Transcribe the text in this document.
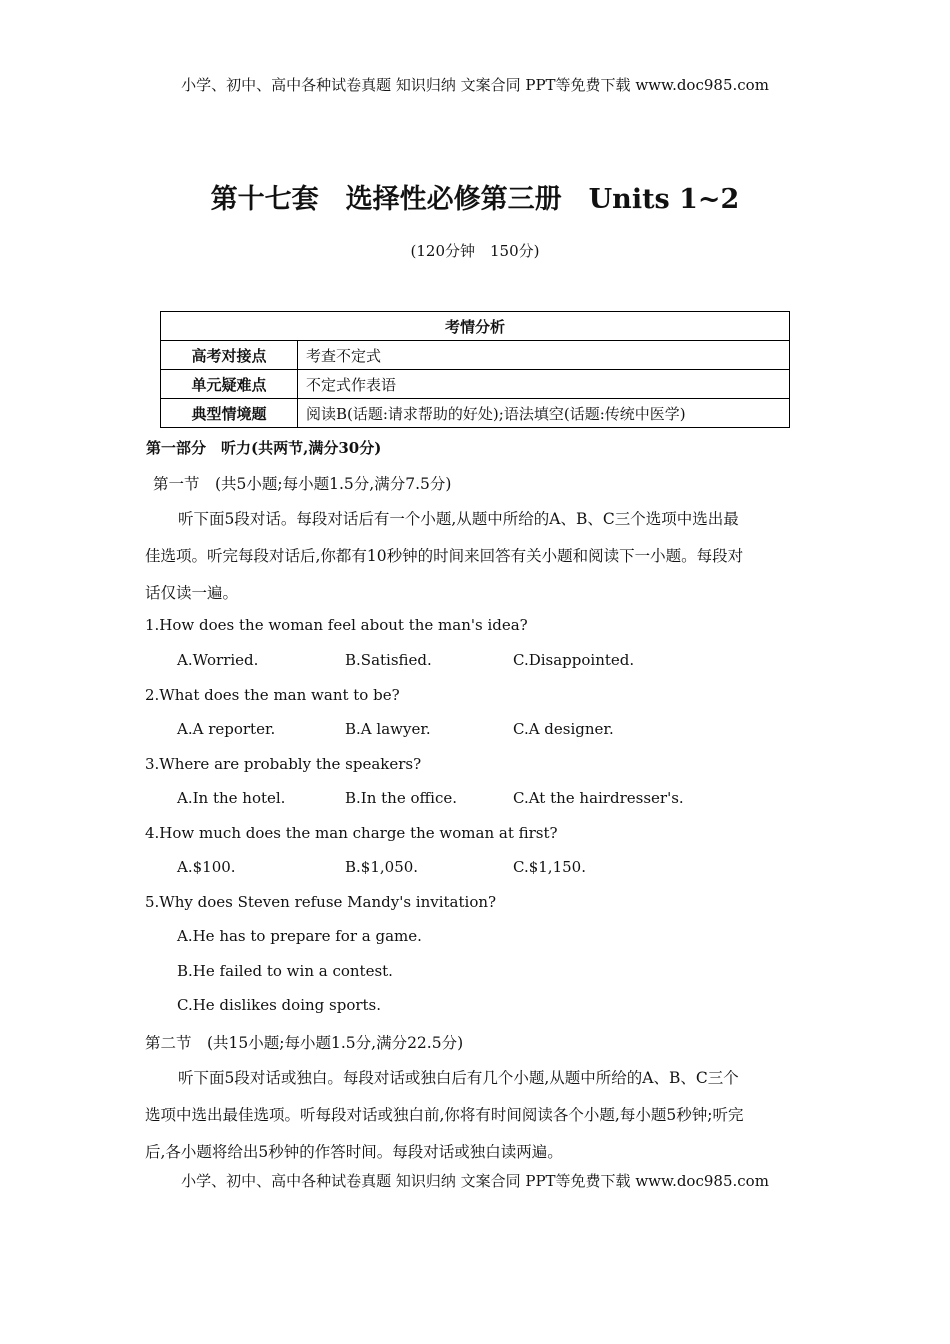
小学、初中、高中各种试卷真题 知识归纳 文案合同 PPT等免费下载 www.doc985.com
第十七套　选择性必修第三册　Units 1~2
(120分钟　150分)
考情分析	
高考对接点	考查不定式
单元疑难点	不定式作表语
典型情境题	阅读B(话题:请求帮助的好处);语法填空(话题:传统中医学)
第一部分　听力(共两节,满分30分)
第一节　(共5小题;每小题1.5分,满分7.5分)
听下面5段对话。每段对话后有一个小题,从题中所给的A、B、C三个选项中选出最
佳选项。听完每段对话后,你都有10秒钟的时间来回答有关小题和阅读下一小题。每段对
话仅读一遍。
1.How does the woman feel about the man's idea?
A.Worried.	B.Satisfied.	C.Disappointed.
2.What does the man want to be?
A.A reporter.	B.A lawyer.	C.A designer.
3.Where are probably the speakers?
A.In the hotel.	B.In the office.	C.At the hairdresser's.
4.How much does the man charge the woman at first?
A.$100.	B.$1,050.	C.$1,150.
5.Why does Steven refuse Mandy's invitation?
A.He has to prepare for a game.
B.He failed to win a contest.
C.He dislikes doing sports.
第二节　(共15小题;每小题1.5分,满分22.5分)
听下面5段对话或独白。每段对话或独白后有几个小题,从题中所给的A、B、C三个
选项中选出最佳选项。听每段对话或独白前,你将有时间阅读各个小题,每小题5秒钟;听完
后,各小题将给出5秒钟的作答时间。每段对话或独白读两遍。
小学、初中、高中各种试卷真题 知识归纳 文案合同 PPT等免费下载 www.doc985.com
